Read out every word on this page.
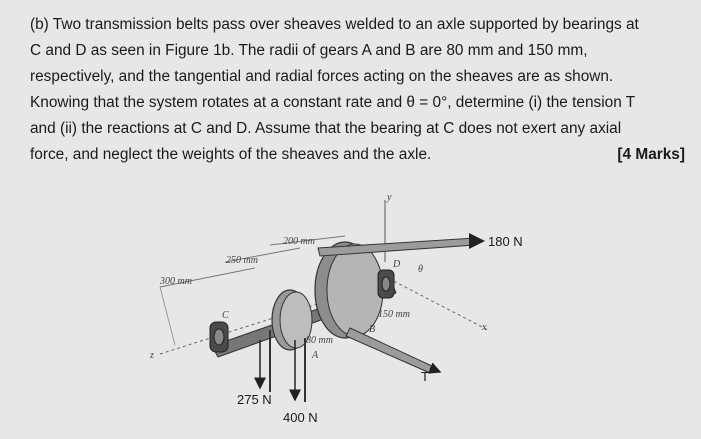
(b) Two transmission belts pass over sheaves welded to an axle supported by bearings at

C and D as seen in Figure 1b. The radii of gears A and B are 80 mm and 150 mm,

respectively, and the tangential and radial forces acting on the sheaves are as shown.

Knowing that the system rotates at a constant rate and θ = 0°, determine (i) the tension T

and (ii) the reactions at C and D. Assume that the bearing at C does not exert any axial

force, and neglect the weights of the sheaves and the axle.	[4 Marks]
180 N
275 N
400 N
T
200 mm
250 mm
300 mm
150 mm
80 mm
C
D
A
B	x
y
z
θ
